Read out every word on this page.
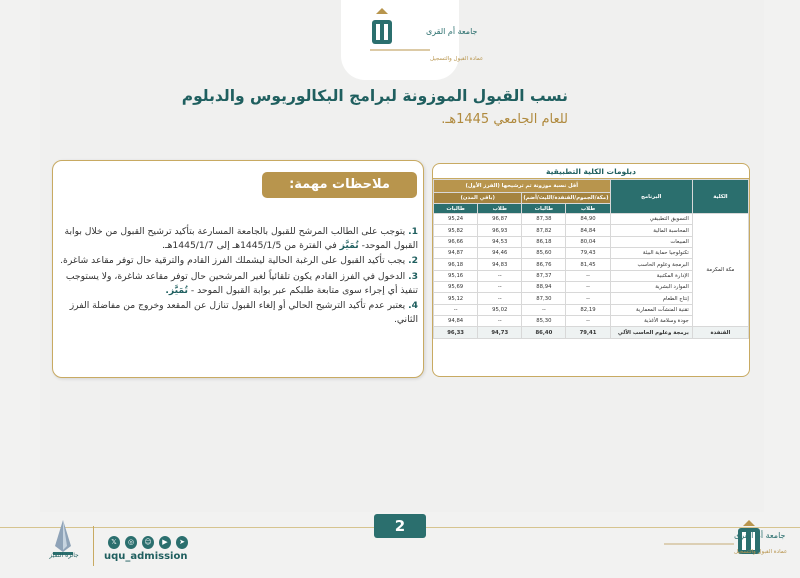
جامعة أم القرى
عمادة القبول والتسجيل
نسب القبول الموزونة لبرامج البكالوريوس والدبلوم
للعام الجامعي 1445هـ.
ملاحظات مهمة:
1. يتوجب على الطالب المرشح للقبول بالجامعة المسارعة بتأكيد ترشيح القبول من خلال بوابة القبول الموحد- تُمَيَّز في الفترة من 1445/1/5هـ إلى 1445/1/7هـ.
2. يجب تأكيد القبول على الرغبة الحالية ليشملك الفرز القادم والترقية حال توفر مقاعد شاغرة.
3. الدخول في الفرز القادم يكون تلقائياً لغير المرشحين حال توفر مقاعد شاغرة، ولا يستوجب تنفيذ أي إجراء سوى متابعة طلبكم عبر بوابة القبول الموحد - تُمَيَّز.
4. يعتبر عدم تأكيد الترشيح الحالي أو إلغاء القبول تنازل عن المقعد وخروج من مفاضلة الفرز الثاني.
دبلومات الكلية التطبيقية
الكلية	البرنامج	أقل نسبة موزونة تم ترشيحها (الفرز الأول)			
		(مكة/الجموم/القنفذة/الليث/أضم)		(باقي المدن)	
		طلاب	طالبات	طلاب	طالبات
مكة المكرمة	التسويق التطبيقي	84,90	87,38	96,87	95,24
	المحاسبة المالية	84,84	87,82	96,93	95,82
	المبيعات	80,04	86,18	94,53	96,66
	تكنولوجيا حماية البيئة	79,43	85,60	94,46	94,87
	البرمجة وعلوم الحاسب	81,45	86,76	94,83	96,18
	الإدارة المكتبية	--	87,37	--	95,16
	الموارد البشرية	--	88,94	--	95,69
	إنتاج الطعام	--	87,30	--	95,12
	تقنية المنشآت المعمارية	82,19	--	95,02	--
	جودة وسلامة الأغذية	--	85,30	--	94,84
القنفذة	برمجة وعلوم الحاسب الآلي	79,41	86,40	94,73	96,33
2
جائزة التميّز
𝕏	◎	☺	▶	➤
uqu_admission
جامعة أم القرى
عمادة القبول والتسجيل
